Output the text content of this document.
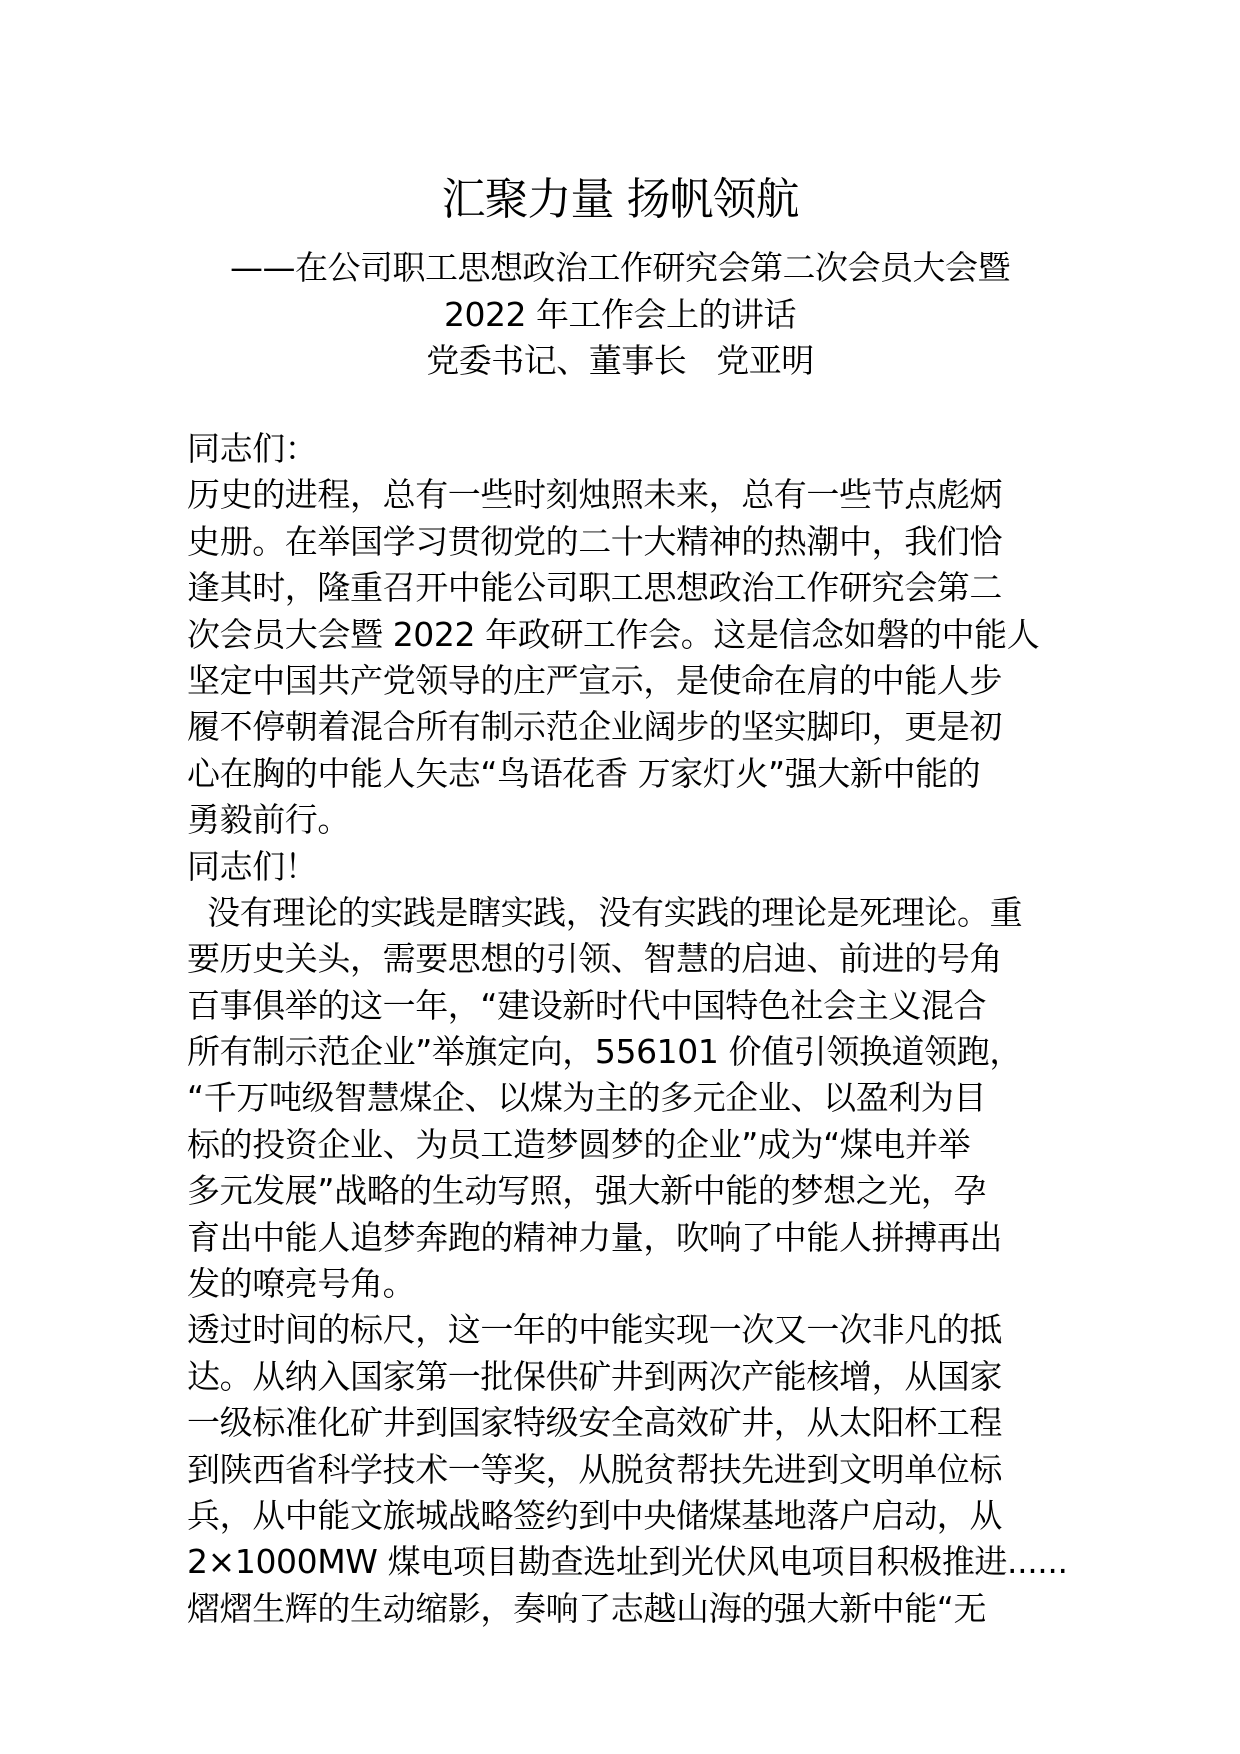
汇聚力量 扬帆领航
——在公司职工思想政治工作研究会第二次会员大会暨
2022 年工作会上的讲话
党委书记、董事长   党亚明
同志们：
历史的进程，总有一些时刻烛照未来，总有一些节点彪炳
史册。在举国学习贯彻党的二十大精神的热潮中，我们恰
逢其时，隆重召开中能公司职工思想政治工作研究会第二
次会员大会暨 2022 年政研工作会。这是信念如磐的中能人
坚定中国共产党领导的庄严宣示，是使命在肩的中能人步
履不停朝着混合所有制示范企业阔步的坚实脚印，更是初
心在胸的中能人矢志“鸟语花香 万家灯火”强大新中能的
勇毅前行。
同志们！
没有理论的实践是瞎实践，没有实践的理论是死理论。重
要历史关头，需要思想的引领、智慧的启迪、前进的号角
百事俱举的这一年，“建设新时代中国特色社会主义混合
所有制示范企业”举旗定向，556101 价值引领换道领跑，
“千万吨级智慧煤企、以煤为主的多元企业、以盈利为目
标的投资企业、为员工造梦圆梦的企业”成为“煤电并举
多元发展”战略的生动写照，强大新中能的梦想之光，孕
育出中能人追梦奔跑的精神力量，吹响了中能人拼搏再出
发的嘹亮号角。
透过时间的标尺，这一年的中能实现一次又一次非凡的抵
达。从纳入国家第一批保供矿井到两次产能核增，从国家
一级标准化矿井到国家特级安全高效矿井，从太阳杯工程
到陕西省科学技术一等奖，从脱贫帮扶先进到文明单位标
兵，从中能文旅城战略签约到中央储煤基地落户启动，从
2×1000MW 煤电项目勘查选址到光伏风电项目积极推进......
熠熠生辉的生动缩影，奏响了志越山海的强大新中能“无
